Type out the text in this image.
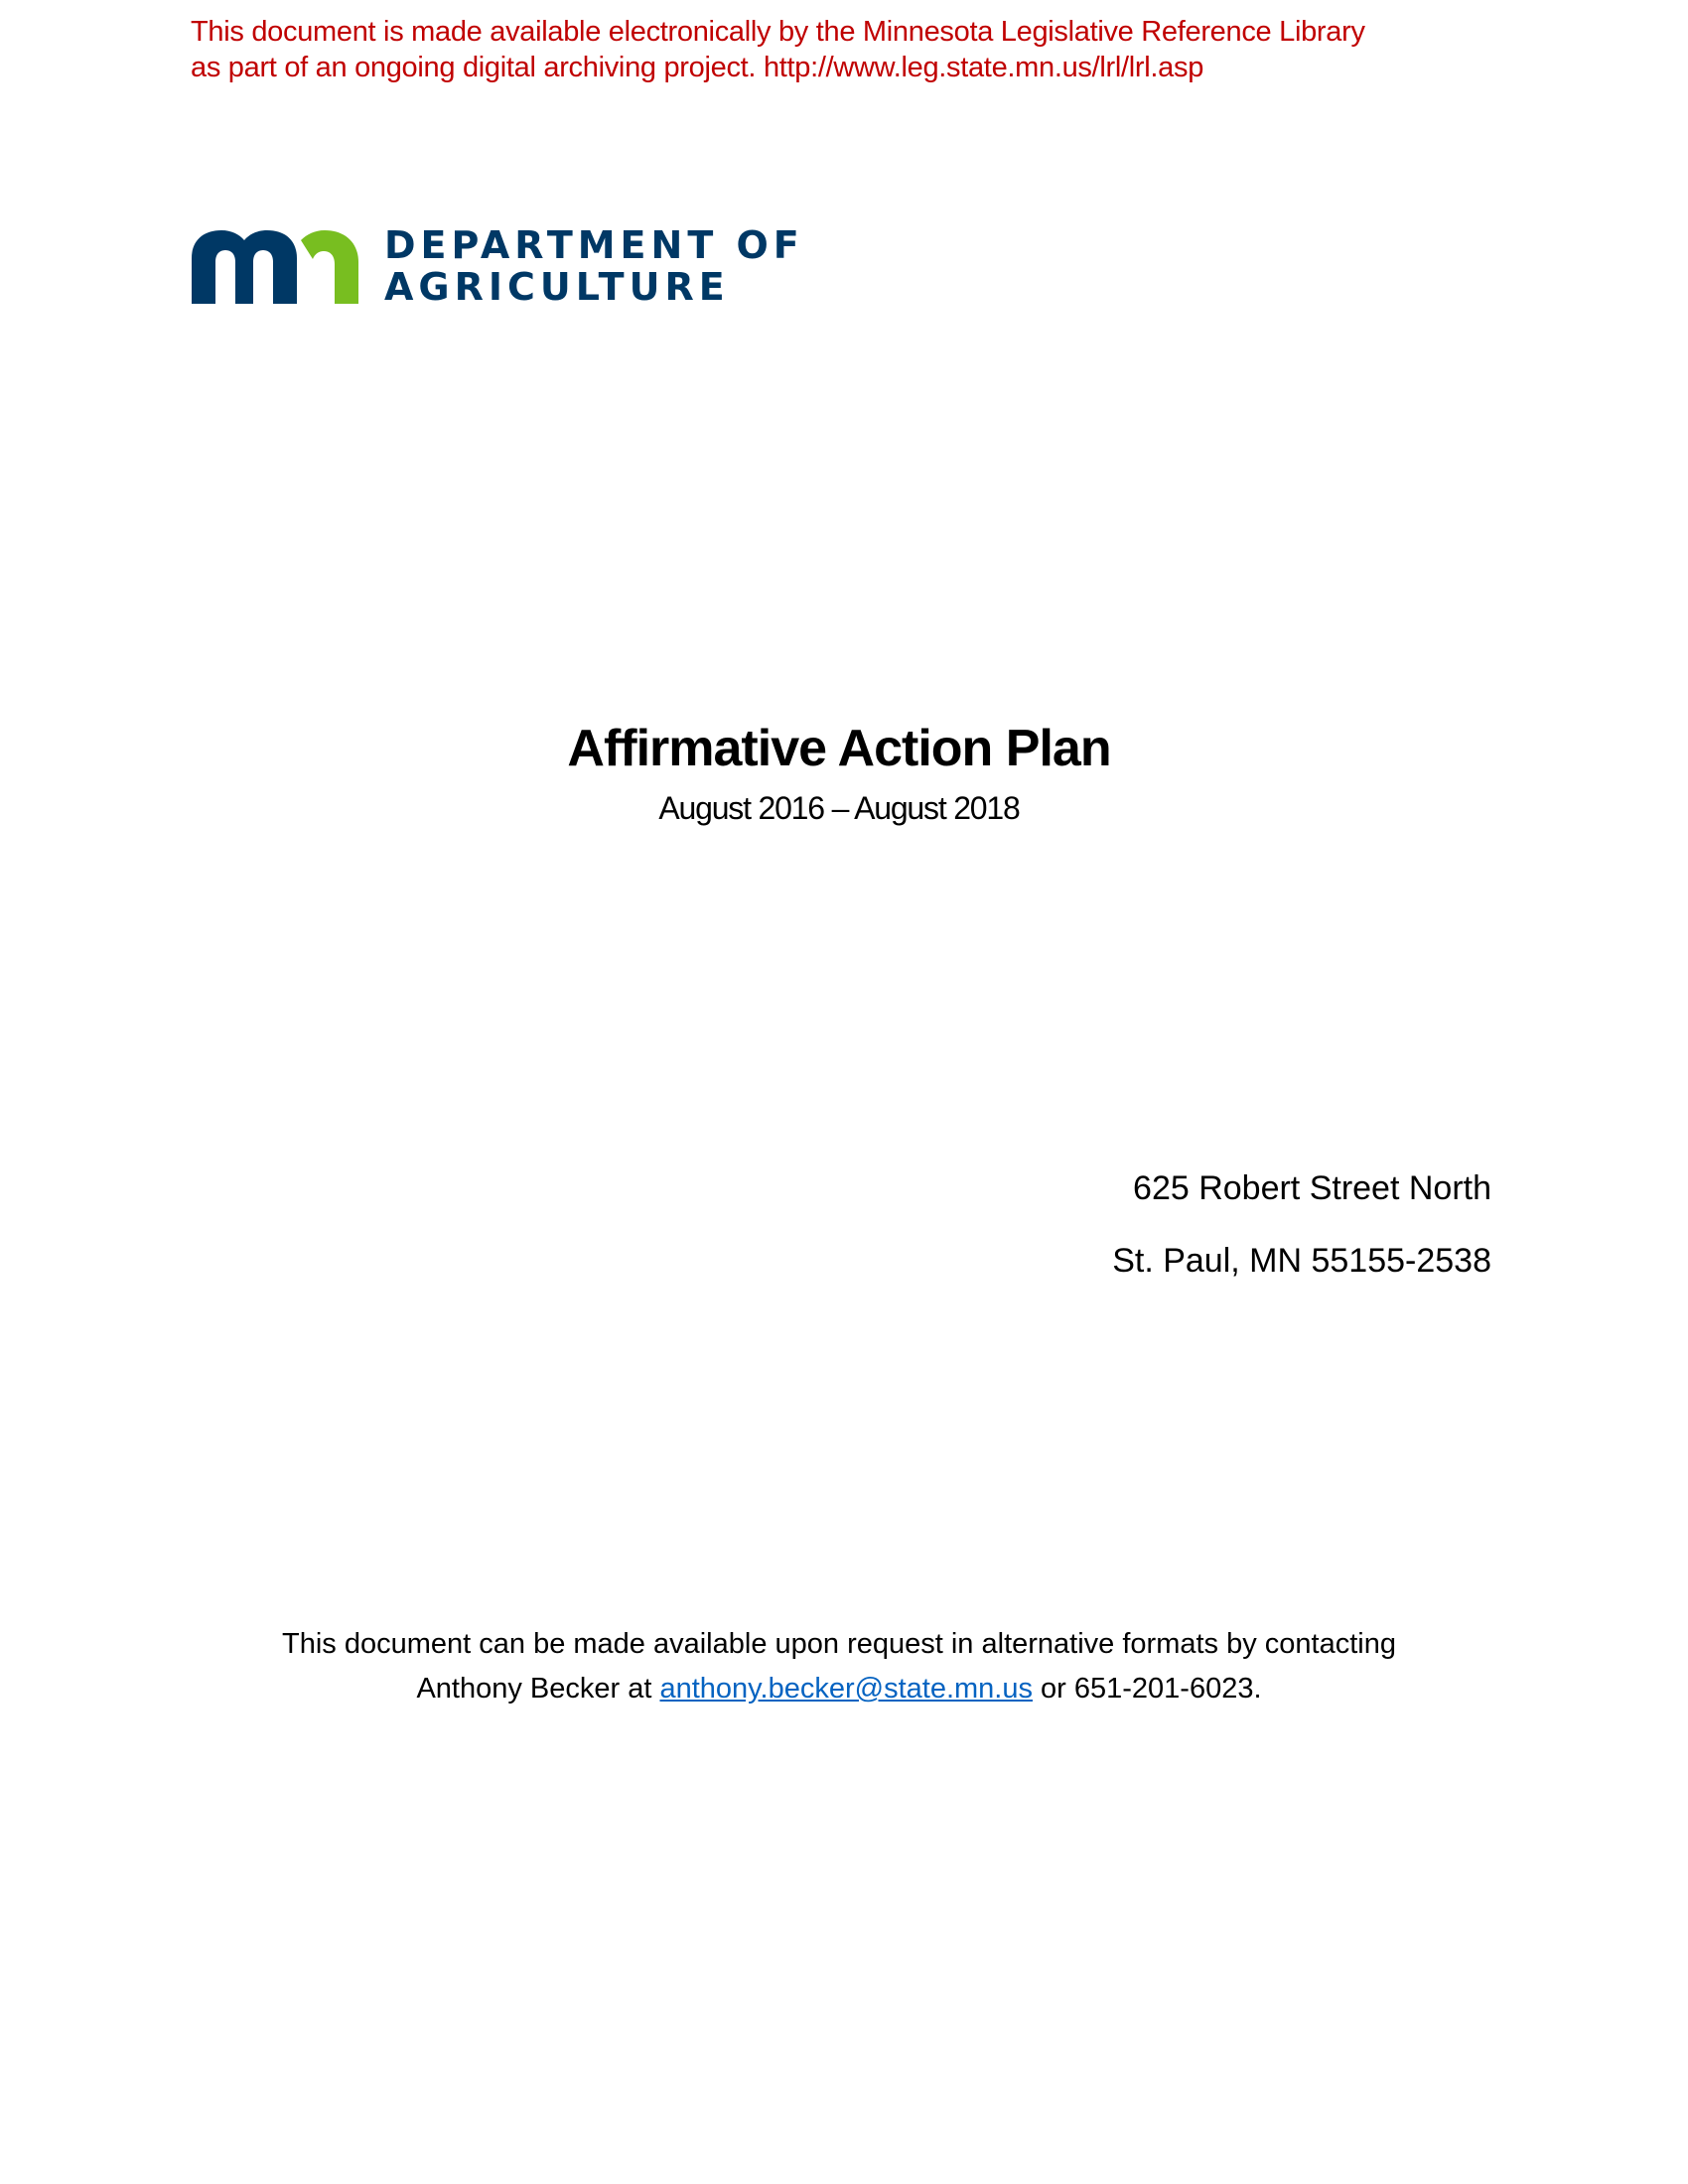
This document is made available electronically by the Minnesota Legislative Reference Library
as part of an ongoing digital archiving project. http://www.leg.state.mn.us/lrl/lrl.asp
DEPARTMENT OF
AGRICULTURE
Affirmative Action Plan
August 2016 – August 2018
625 Robert Street North
St. Paul, MN 55155-2538
This document can be made available upon request in alternative formats by contacting
Anthony Becker at anthony.becker@state.mn.us or 651-201-6023.
